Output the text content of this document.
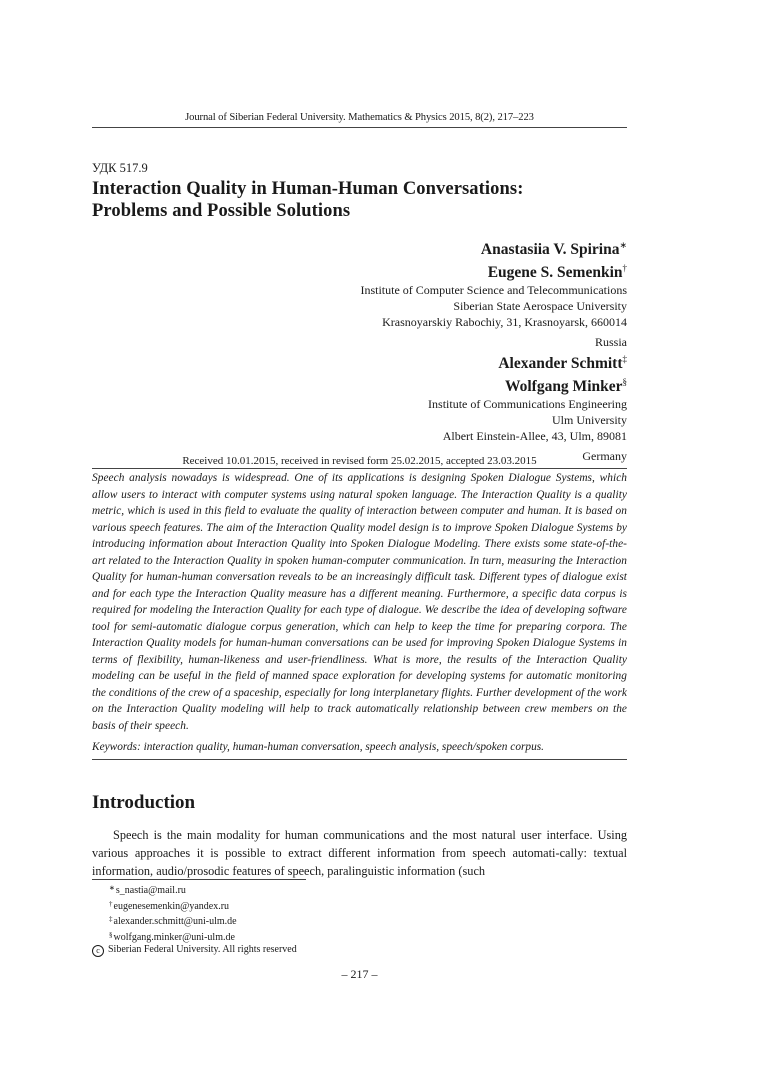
Journal of Siberian Federal University. Mathematics & Physics 2015, 8(2), 217–223
УДК 517.9
Interaction Quality in Human-Human Conversations:
Problems and Possible Solutions
Anastasiia V. Spirina∗
Eugene S. Semenkin†
Institute of Computer Science and Telecommunications
Siberian State Aerospace University
Krasnoyarskiy Rabochiy, 31, Krasnoyarsk, 660014
Russia
Alexander Schmitt‡
Wolfgang Minker§
Institute of Communications Engineering
Ulm University
Albert Einstein-Allee, 43, Ulm, 89081
Germany
Received 10.01.2015, received in revised form 25.02.2015, accepted 23.03.2015
Speech analysis nowadays is widespread. One of its applications is designing Spoken Dialogue Systems, which allow users to interact with computer systems using natural spoken language. The Interaction Quality is a quality metric, which is used in this field to evaluate the quality of interaction between computer and human. It is based on various speech features. The aim of the Interaction Quality model design is to improve Spoken Dialogue Systems by introducing information about Interaction Quality into Spoken Dialogue Modeling. There exists some state-of-the-art related to the Interaction Quality in spoken human-computer communication. In turn, measuring the Interaction Quality for human-human conversation reveals to be an increasingly difficult task. Different types of dialogue exist and for each type the Interaction Quality measure has a different meaning. Furthermore, a specific data corpus is required for modeling the Interaction Quality for each type of dialogue. We describe the idea of developing software tool for semi-automatic dialogue corpus generation, which can help to keep the time for preparing corpora. The Interaction Quality models for human-human conversations can be used for improving Spoken Dialogue Systems in terms of flexibility, human-likeness and user-friendliness. What is more, the results of the Interaction Quality modeling can be useful in the field of manned space exploration for developing systems for automatic monitoring the conditions of the crew of a spaceship, especially for long interplanetary flights. Further development of the work on the Interaction Quality modeling will help to track automatically relationship between crew members on the basis of their speech.
Keywords: interaction quality, human-human conversation, speech analysis, speech/spoken corpus.
Introduction

Speech is the main modality for human communications and the most natural user interface. Using various approaches it is possible to extract different information from speech automati-cally: textual information, audio/prosodic features of speech, paralinguistic information (such

∗s_nastia@mail.ru
†eugenesemenkin@yandex.ru
‡alexander.schmitt@uni-ulm.de
§wolfgang.minker@uni-ulm.de
c Siberian Federal University. All rights reserved
– 217 –
